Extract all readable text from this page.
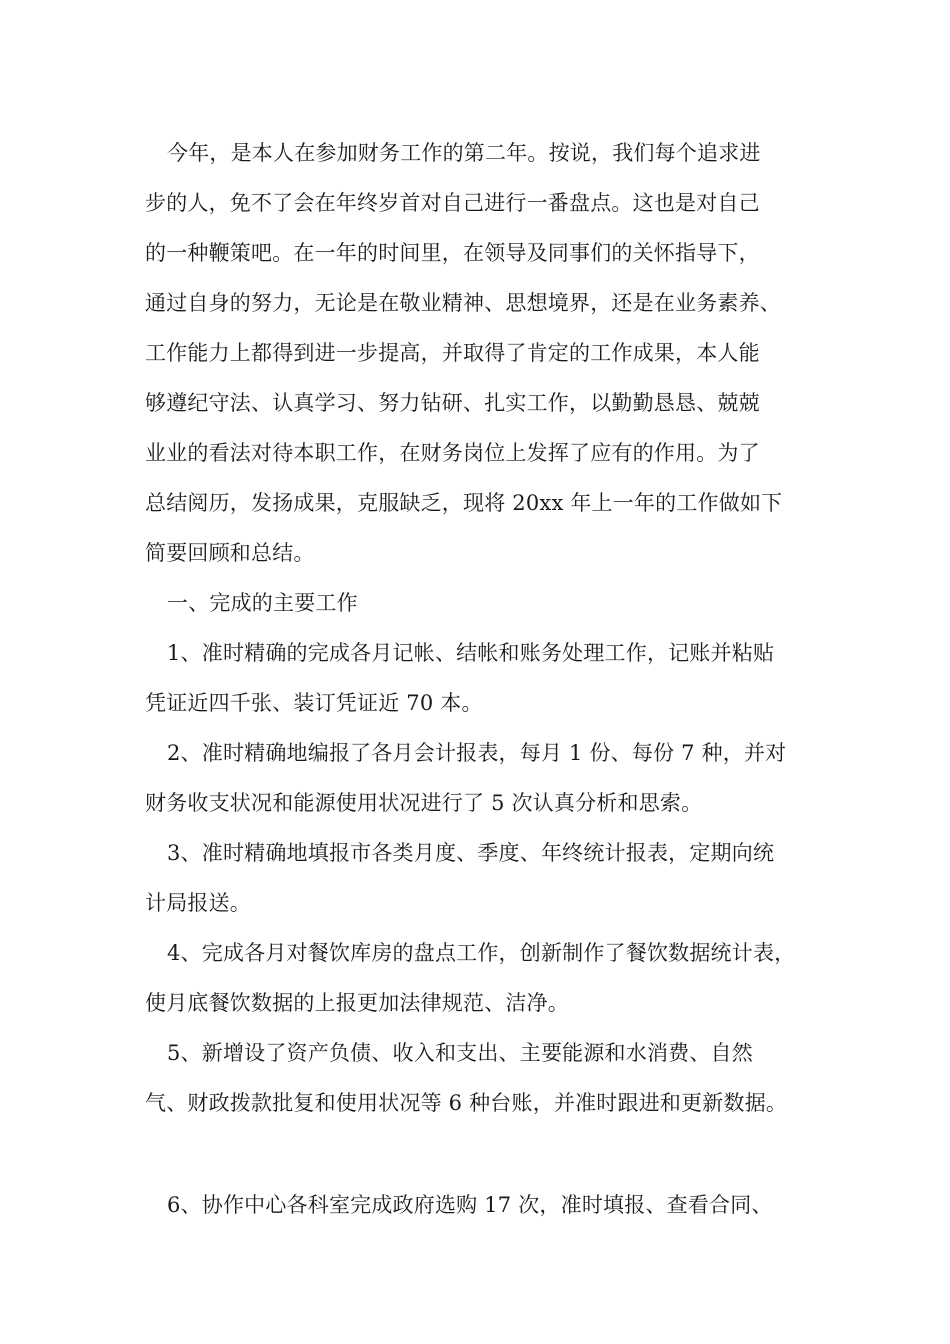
今年，是本人在参加财务工作的第二年。按说，我们每个追求进
步的人，免不了会在年终岁首对自己进行一番盘点。这也是对自己
的一种鞭策吧。在一年的时间里，在领导及同事们的关怀指导下，
通过自身的努力，无论是在敬业精神、思想境界，还是在业务素养、
工作能力上都得到进一步提高，并取得了肯定的工作成果，本人能
够遵纪守法、认真学习、努力钻研、扎实工作，以勤勤恳恳、兢兢
业业的看法对待本职工作，在财务岗位上发挥了应有的作用。为了
总结阅历，发扬成果，克服缺乏，现将 20xx 年上一年的工作做如下
简要回顾和总结。

一、完成的主要工作

1、准时精确的完成各月记帐、结帐和账务处理工作，记账并粘贴
凭证近四千张、装订凭证近 70 本。

2、准时精确地编报了各月会计报表，每月 1 份、每份 7 种，并对
财务收支状况和能源使用状况进行了 5 次认真分析和思索。

3、准时精确地填报市各类月度、季度、年终统计报表，定期向统
计局报送。

4、完成各月对餐饮库房的盘点工作，创新制作了餐饮数据统计表，
使月底餐饮数据的上报更加法律规范、洁净。

5、新增设了资产负债、收入和支出、主要能源和水消费、自然
气、财政拨款批复和使用状况等 6 种台账，并准时跟进和更新数据。

6、协作中心各科室完成政府选购 17 次，准时填报、查看合同、
